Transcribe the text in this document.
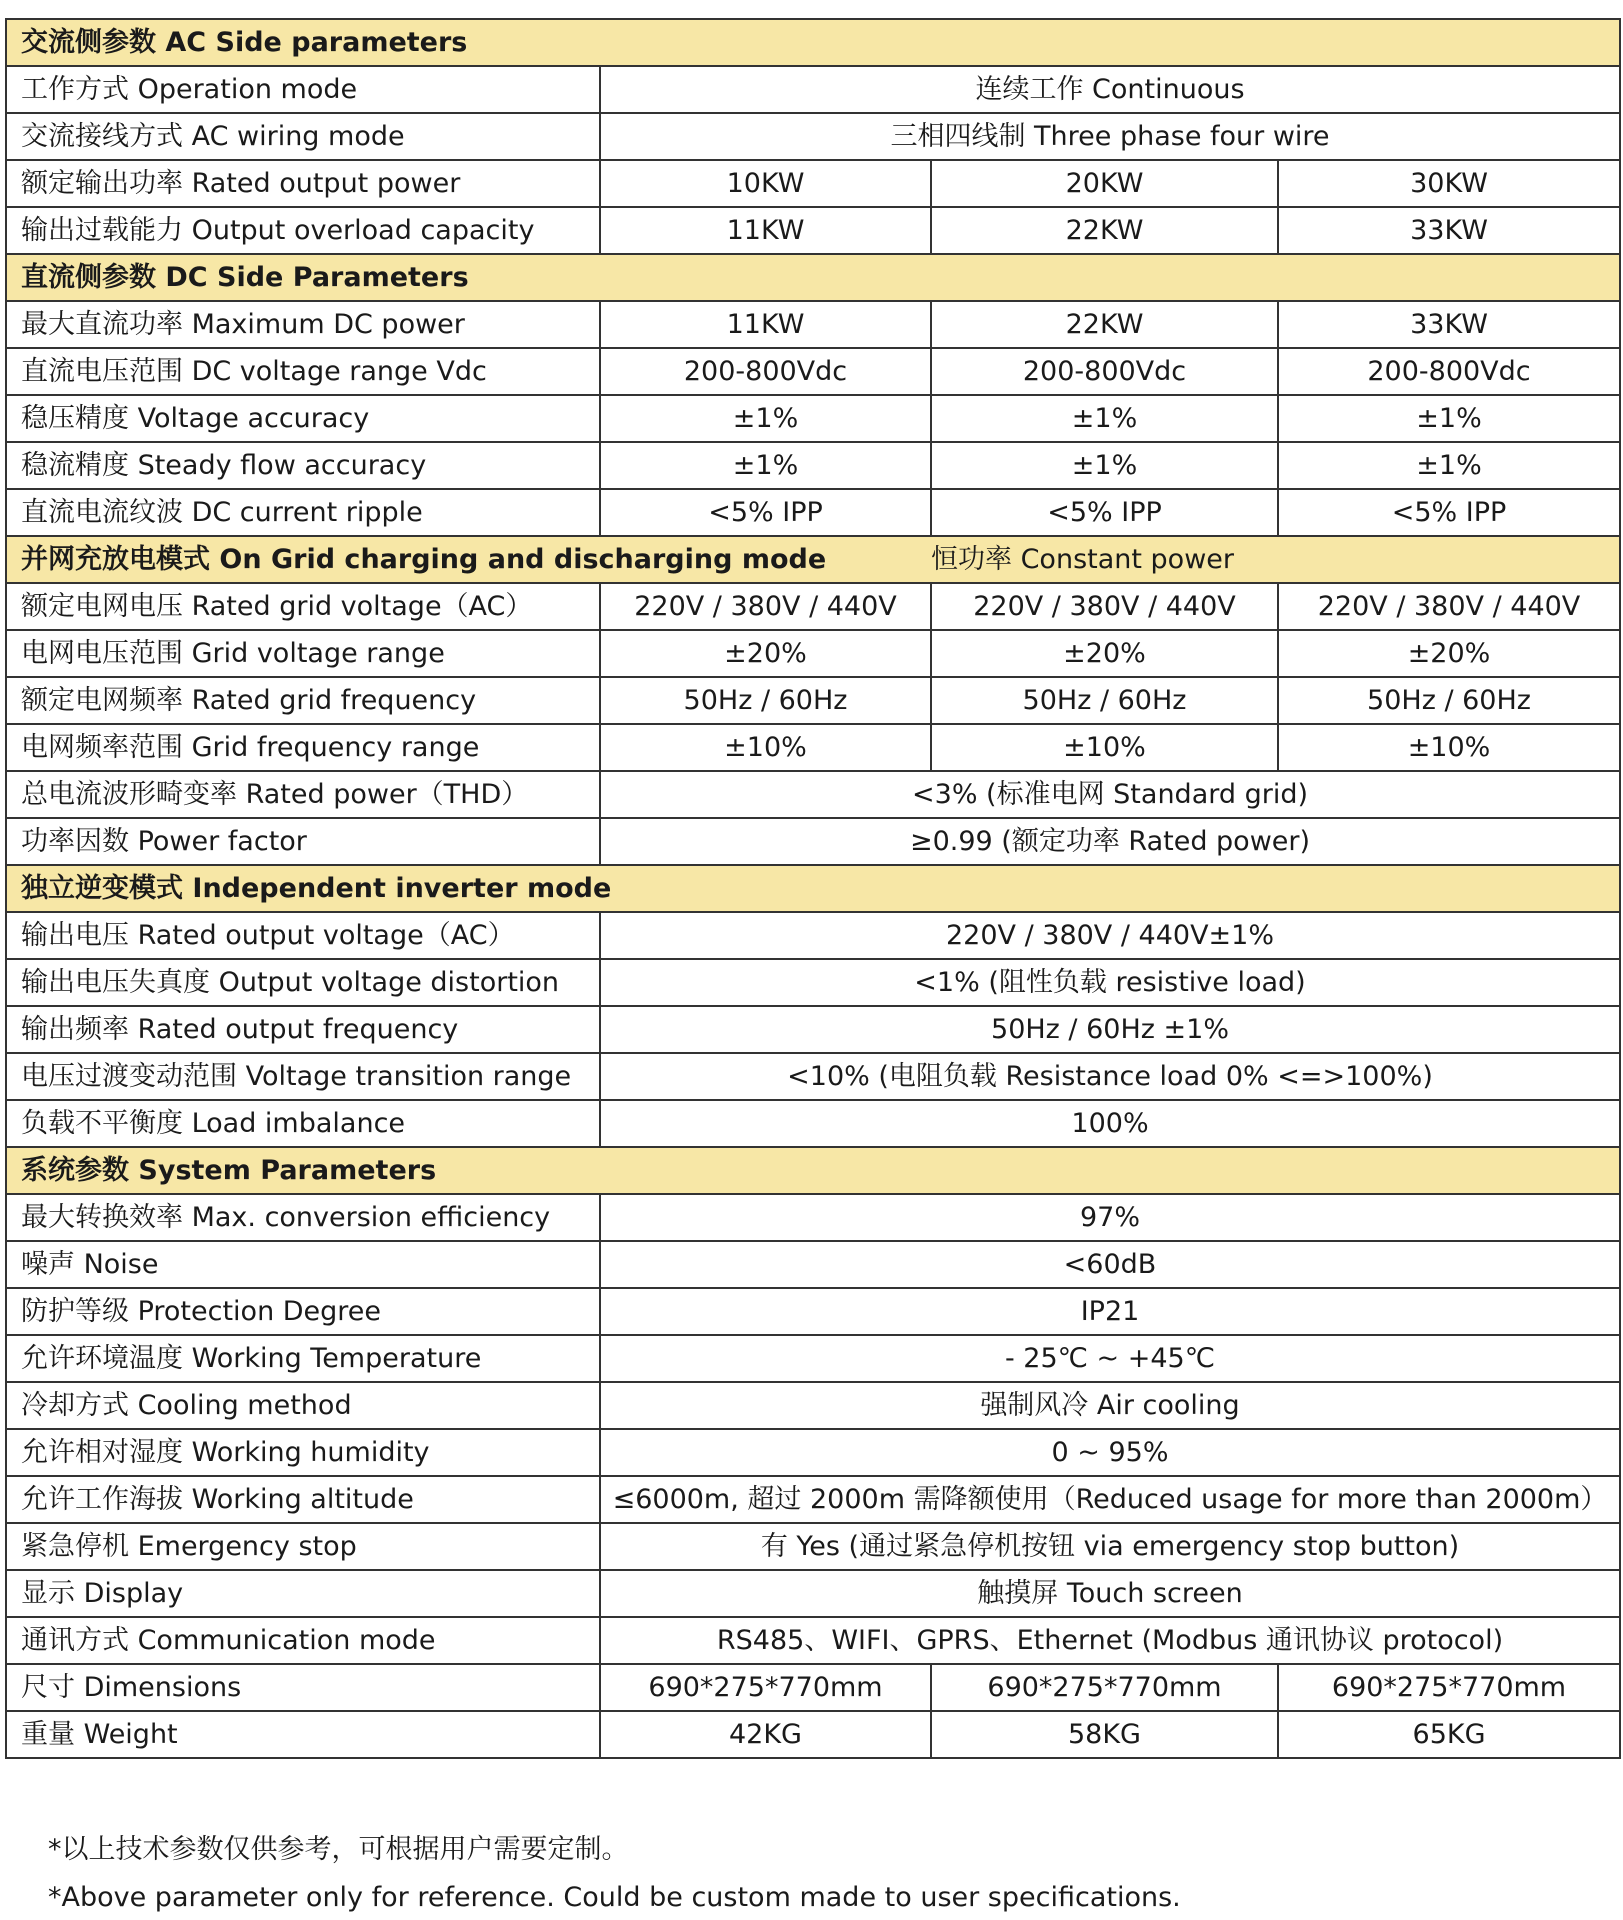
交流侧参数 AC Side parameters			
工作方式 Operation mode	连续工作 Continuous		
交流接线方式 AC wiring mode	三相四线制 Three phase four wire		
额定输出功率 Rated output power	10KW	20KW	30KW
输出过载能力 Output overload capacity	11KW	22KW	33KW
直流侧参数 DC Side Parameters			
最大直流功率 Maximum DC power	11KW	22KW	33KW
直流电压范围 DC voltage range Vdc	200-800Vdc	200-800Vdc	200-800Vdc
稳压精度 Voltage accuracy	±1%	±1%	±1%
稳流精度 Steady flow accuracy	±1%	±1%	±1%
直流电流纹波 DC current ripple	<5% IPP	<5% IPP	<5% IPP
并网充放电模式 On Grid charging and discharging mode		恒功率 Constant power	
额定电网电压 Rated grid voltage（AC）	220V / 380V / 440V	220V / 380V / 440V	220V / 380V / 440V
电网电压范围 Grid voltage range	±20%	±20%	±20%
额定电网频率 Rated grid frequency	50Hz / 60Hz	50Hz / 60Hz	50Hz / 60Hz
电网频率范围 Grid frequency range	±10%	±10%	±10%
总电流波形畸变率 Rated power（THD）	<3% (标准电网 Standard grid)		
功率因数 Power factor	≥0.99 (额定功率 Rated power)		
独立逆变模式 Independent inverter mode			
输出电压 Rated output voltage（AC）	220V / 380V / 440V±1%		
输出电压失真度 Output voltage distortion	<1% (阻性负载 resistive load)		
输出频率 Rated output frequency	50Hz / 60Hz ±1%		
电压过渡变动范围 Voltage transition range	<10% (电阻负载 Resistance load 0% <=>100%)		
负载不平衡度 Load imbalance	100%		
系统参数 System Parameters			
最大转换效率 Max. conversion efficiency	97%		
噪声 Noise	<60dB		
防护等级 Protection Degree	IP21		
允许环境温度 Working Temperature	- 25℃ ~ +45℃		
冷却方式 Cooling method	强制风冷 Air cooling		
允许相对湿度 Working humidity	0 ~ 95%		
允许工作海拔 Working altitude	≤6000m, 超过 2000m 需降额使用（Reduced usage for more than 2000m）		
紧急停机 Emergency stop	有 Yes (通过紧急停机按钮 via emergency stop button)		
显示 Display	触摸屏 Touch screen		
通讯方式 Communication mode	RS485、WIFI、GPRS、Ethernet (Modbus 通讯协议 protocol)		
尺寸 Dimensions	690*275*770mm	690*275*770mm	690*275*770mm
重量 Weight	42KG	58KG	65KG
*以上技术参数仅供参考，可根据用户需要定制。
*Above parameter only for reference. Could be custom made to user specifications.
